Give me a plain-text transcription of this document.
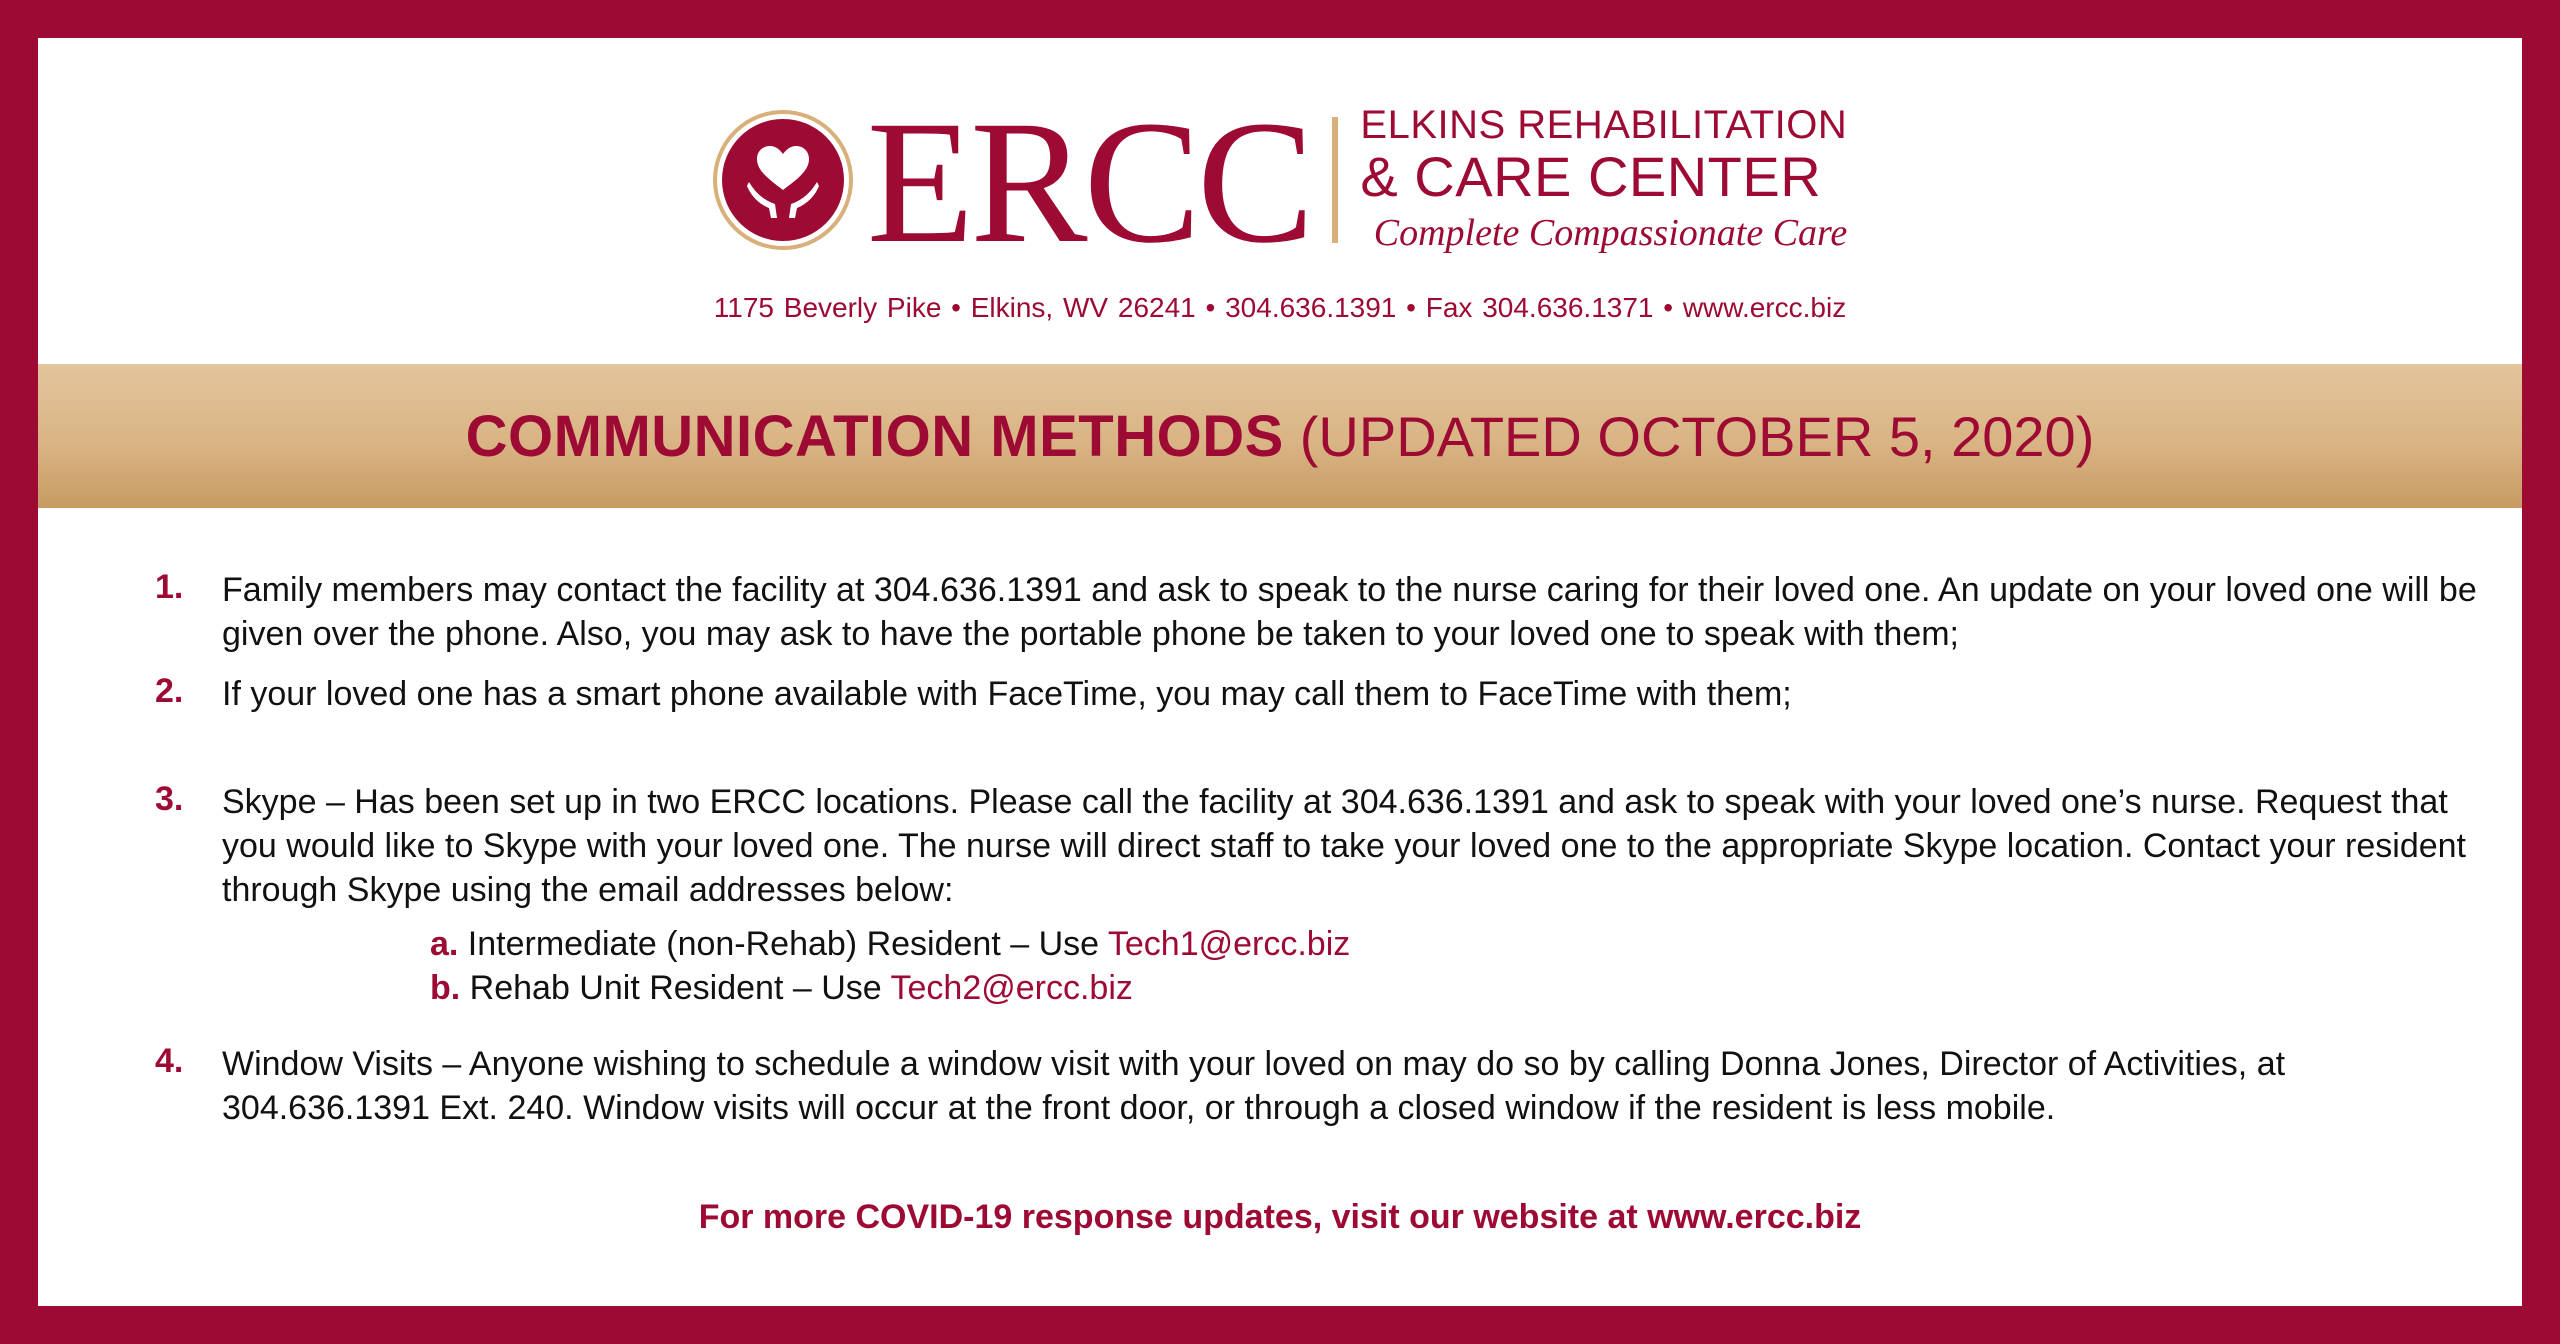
ERCC ELKINS REHABILITATION
& CARE CENTER
Complete Compassionate Care
1175 Beverly Pike • Elkins, WV 26241 • 304.636.1391 • Fax 304.636.1371 • www.ercc.biz
COMMUNICATION METHODS (UPDATED OCTOBER 5, 2020)
1. Family members may contact the facility at 304.636.1391 and ask to speak to the nurse caring for their loved one. An update on your loved one will be given over the phone. Also, you may ask to have the portable phone be taken to your loved one to speak with them;
2. If your loved one has a smart phone available with FaceTime, you may call them to FaceTime with them;
3. Skype – Has been set up in two ERCC locations. Please call the facility at 304.636.1391 and ask to speak with your loved one’s nurse. Request that you would like to Skype with your loved one. The nurse will direct staff to take your loved one to the appropriate Skype location. Contact your resident through Skype using the email addresses below:
a. Intermediate (non-Rehab) Resident – Use Tech1@ercc.biz
b. Rehab Unit Resident – Use Tech2@ercc.biz
4. Window Visits – Anyone wishing to schedule a window visit with your loved on may do so by calling Donna Jones, Director of Activities, at 304.636.1391 Ext. 240. Window visits will occur at the front door, or through a closed window if the resident is less mobile.
For more COVID-19 response updates, visit our website at www.ercc.biz
